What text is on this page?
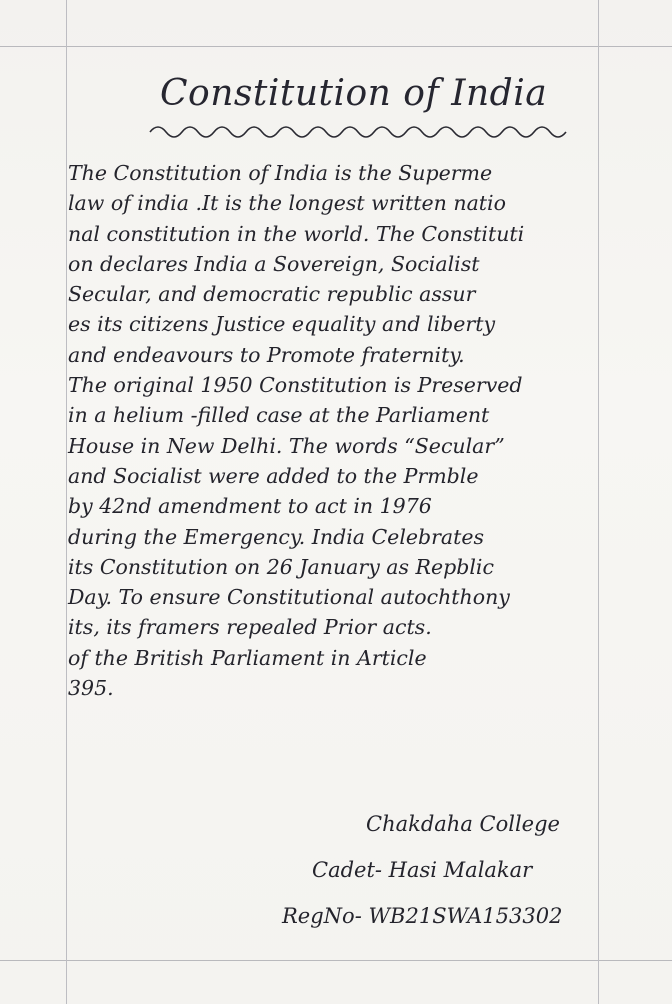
Constitution of India
The Constitution of India is the Superme
law of india .It is the longest written natio
nal constitution in the world. The Constituti
on declares India a Sovereign, Socialist
Secular, and democratic republic assur
es its citizens Justice equality and liberty
and endeavours to Promote fraternity.
The original 1950 Constitution is Preserved
in a helium -filled case at the Parliament
House in New Delhi. The words “Secular”
and Socialist were added to the Prmble
by 42nd amendment to act in 1976
during the Emergency. India Celebrates
its Constitution on 26 January as Repblic
Day. To ensure Constitutional autochthony
its, its framers repealed Prior acts.
of the British Parliament in Article
395.
Chakdaha College
Cadet- Hasi Malakar
RegNo- WB21SWA153302
